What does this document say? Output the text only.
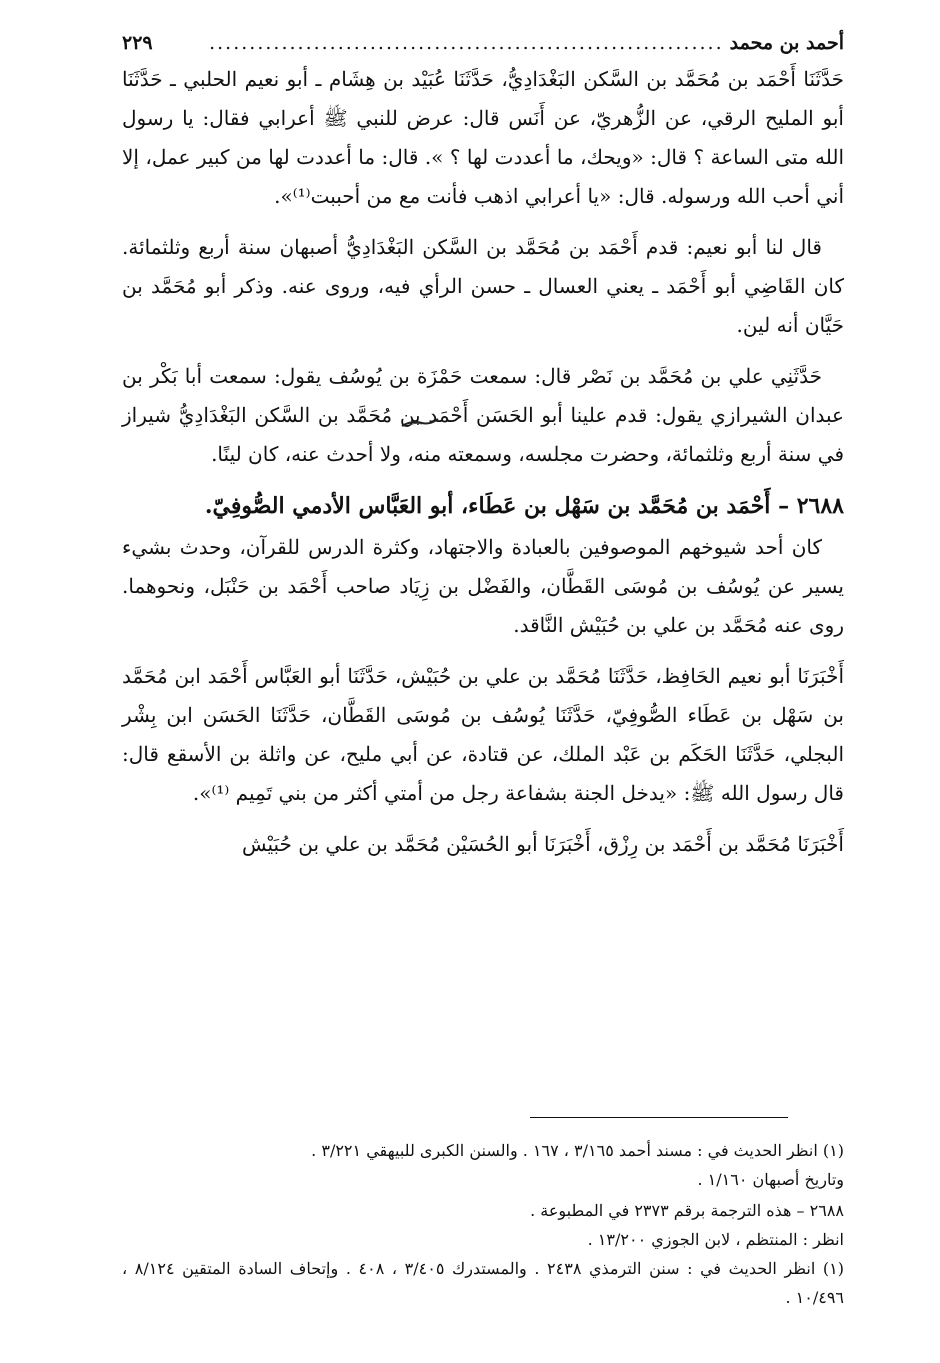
أحمد بن محمد
................................................................
٢٢٩

حَدَّثَنَا أَحْمَد بن مُحَمَّد بن السَّكن البَغْدَادِيُّ، حَدَّثَنَا عُبَيْد بن هِشَام ـ أبو نعيم الحلبي ـ حَدَّثَنَا أبو المليح الرقي، عن الزُّهريّ، عن أَنَس قال: عرض للنبي ﷺ أعرابي فقال: يا رسول الله متى الساعة ؟ قال: «ويحك، ما أعددت لها ؟ ». قال: ما أعددت لها من كبير عمل، إلا أني أحب الله ورسوله. قال: «يا أعرابي اذهب فأنت مع من أحببت⁽¹⁾».

قال لنا أبو نعيم: قدم أَحْمَد بن مُحَمَّد بن السَّكن البَغْدَادِيُّ أصبهان سنة أربع وثلثمائة. كان القَاضِي أبو أَحْمَد ـ يعني العسال ـ حسن الرأي فيه، وروى عنه. وذكر أبو مُحَمَّد بن حَيَّان أنه لين.

حَدَّثَنِي علي بن مُحَمَّد بن نَصْر قال: سمعت حَمْزَة بن يُوسُف يقول: سمعت أبا بَكْر بن عبدان الشيرازي يقول: قدم علينا أبو الحَسَن أَحْمَد بن مُحَمَّد بن السَّكن البَغْدَادِيُّ شيراز في سنة أربع وثلثمائة، وحضرت مجلسه، وسمعته منه، ولا أحدث عنه، كان لينًا.

٢٦٨٨ – أَحْمَد بن مُحَمَّد بن سَهْل بن عَطَاء، أبو العَبَّاس الأدمي الصُّوفِيّ.

كان أحد شيوخهم الموصوفين بالعبادة والاجتهاد، وكثرة الدرس للقرآن، وحدث بشيء يسير عن يُوسُف بن مُوسَى القَطَّان، والفَضْل بن زِيَاد صاحب أَحْمَد بن حَنْبَل، ونحوهما. روى عنه مُحَمَّد بن علي بن حُبَيْش النَّاقد.

أَخْبَرَنَا أبو نعيم الحَافِظ، حَدَّثَنَا مُحَمَّد بن علي بن حُبَيْش، حَدَّثَنَا أبو العَبَّاس أَحْمَد ابن مُحَمَّد بن سَهْل بن عَطَاء الصُّوفِيّ، حَدَّثَنَا يُوسُف بن مُوسَى القَطَّان، حَدَّثَنَا الحَسَن ابن بِشْر البجلي، حَدَّثَنَا الحَكَم بن عَبْد الملك، عن قتادة، عن أبي مليح، عن واثلة بن الأسقع قال: قال رسول الله ﷺ: «يدخل الجنة بشفاعة رجل من أمتي أكثر من بني تَمِيم ⁽¹⁾».

أَخْبَرَنَا مُحَمَّد بن أَحْمَد بن رِزْق، أَخْبَرَنَا أبو الحُسَيْن مُحَمَّد بن علي بن حُبَيْش

(١) انظر الحديث في : مسند أحمد ٣/١٦٥ ، ١٦٧ . والسنن الكبرى للبيهقي ٣/٢٢١ .

وتاريخ أصبهان ١/١٦٠ .

٢٦٨٨ – هذه الترجمة برقم ٢٣٧٣ في المطبوعة .

انظر : المنتظم ، لابن الجوزي ١٣/٢٠٠ .

(١) انظر الحديث في : سنن الترمذي ٢٤٣٨ . والمستدرك ٣/٤٠٥ ، ٤٠٨ . وإتحاف السادة المتقين ٨/١٢٤ ، ١٠/٤٩٦ .
